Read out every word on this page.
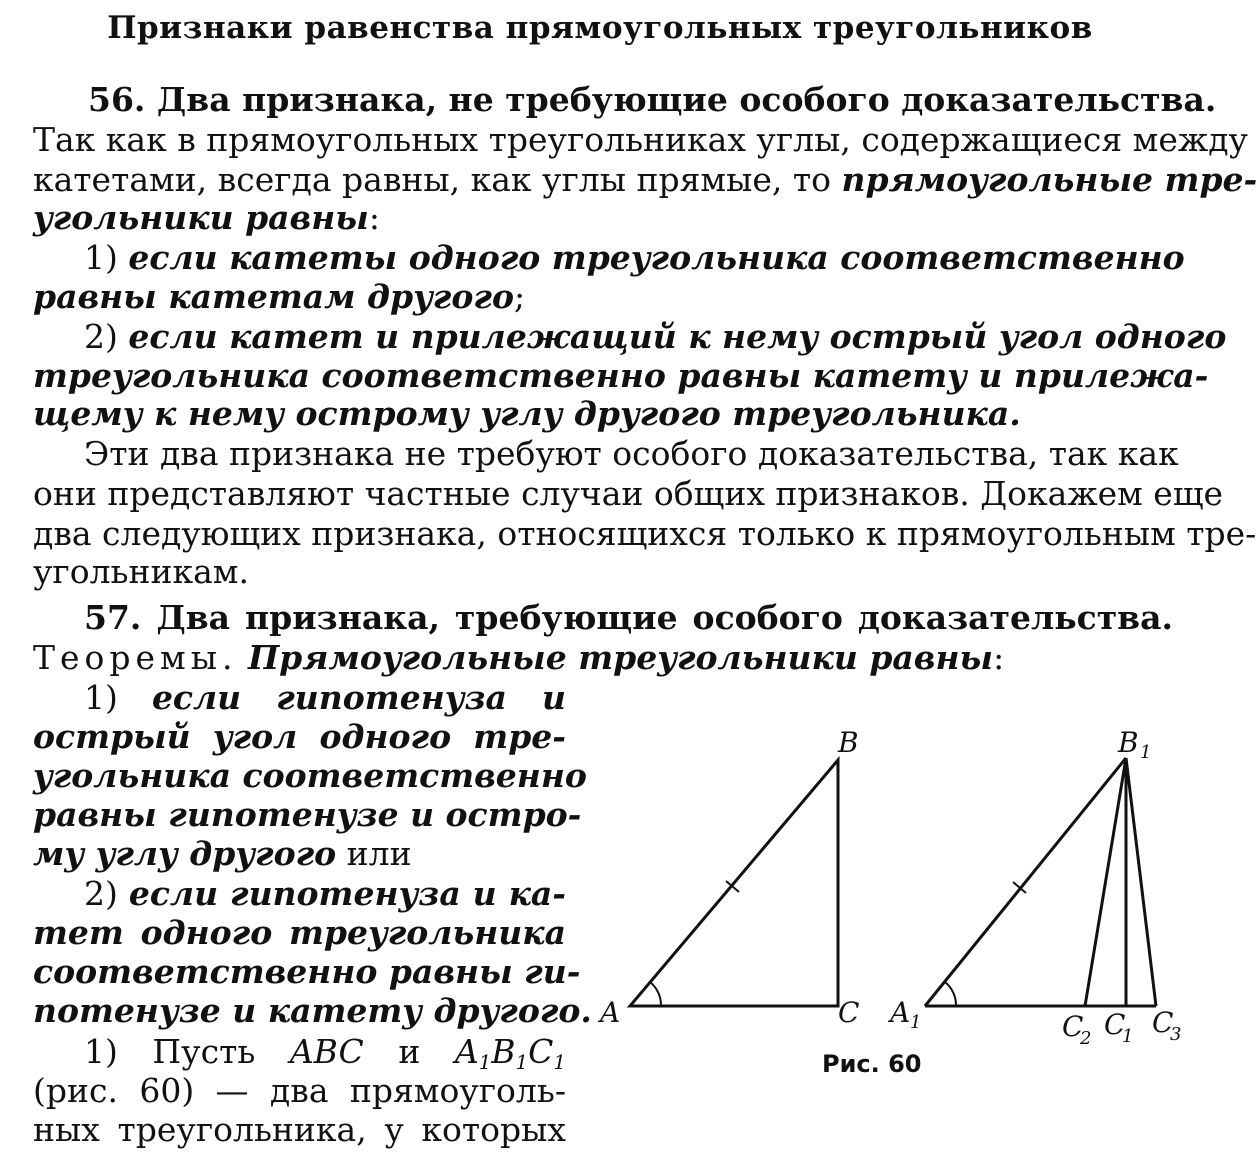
Признаки равенства прямоугольных треугольников
56. Два признака, не требующие особого доказательства.
Так как в прямоугольных треугольниках углы, содержащиеся между
катетами, всегда равны, как углы прямые, то прямоугольные тре-
угольники равны:
1) если катеты одного треугольника соответственно
равны катетам другого;
2) если катет и прилежащий к нему острый угол одного
треугольника соответственно равны катету и прилежа-
щему к нему острому углу другого треугольника.
Эти два признака не требуют особого доказательства, так как
они представляют частные случаи общих признаков. Докажем еще
два следующих признака, относящихся только к прямоугольным тре-
угольникам.
57. Два признака, требующие особого доказательства.
Теоремы. Прямоугольные треугольники равны:
1) если гипотенуза и
острый угол одного тре-
угольника соответственно
равны гипотенузе и остро-
му углу другого или
2) если гипотенуза и ка-
тет одного треугольника
соответственно равны ги-
потенузе и катету другого.
1) Пусть ABC и $A_1B_1C_1$
(рис. 60) — два прямоуголь-
ных треугольника, у которых
A
B
C A 1
B 1
C
2 C
1 C
3
Рис. 60
